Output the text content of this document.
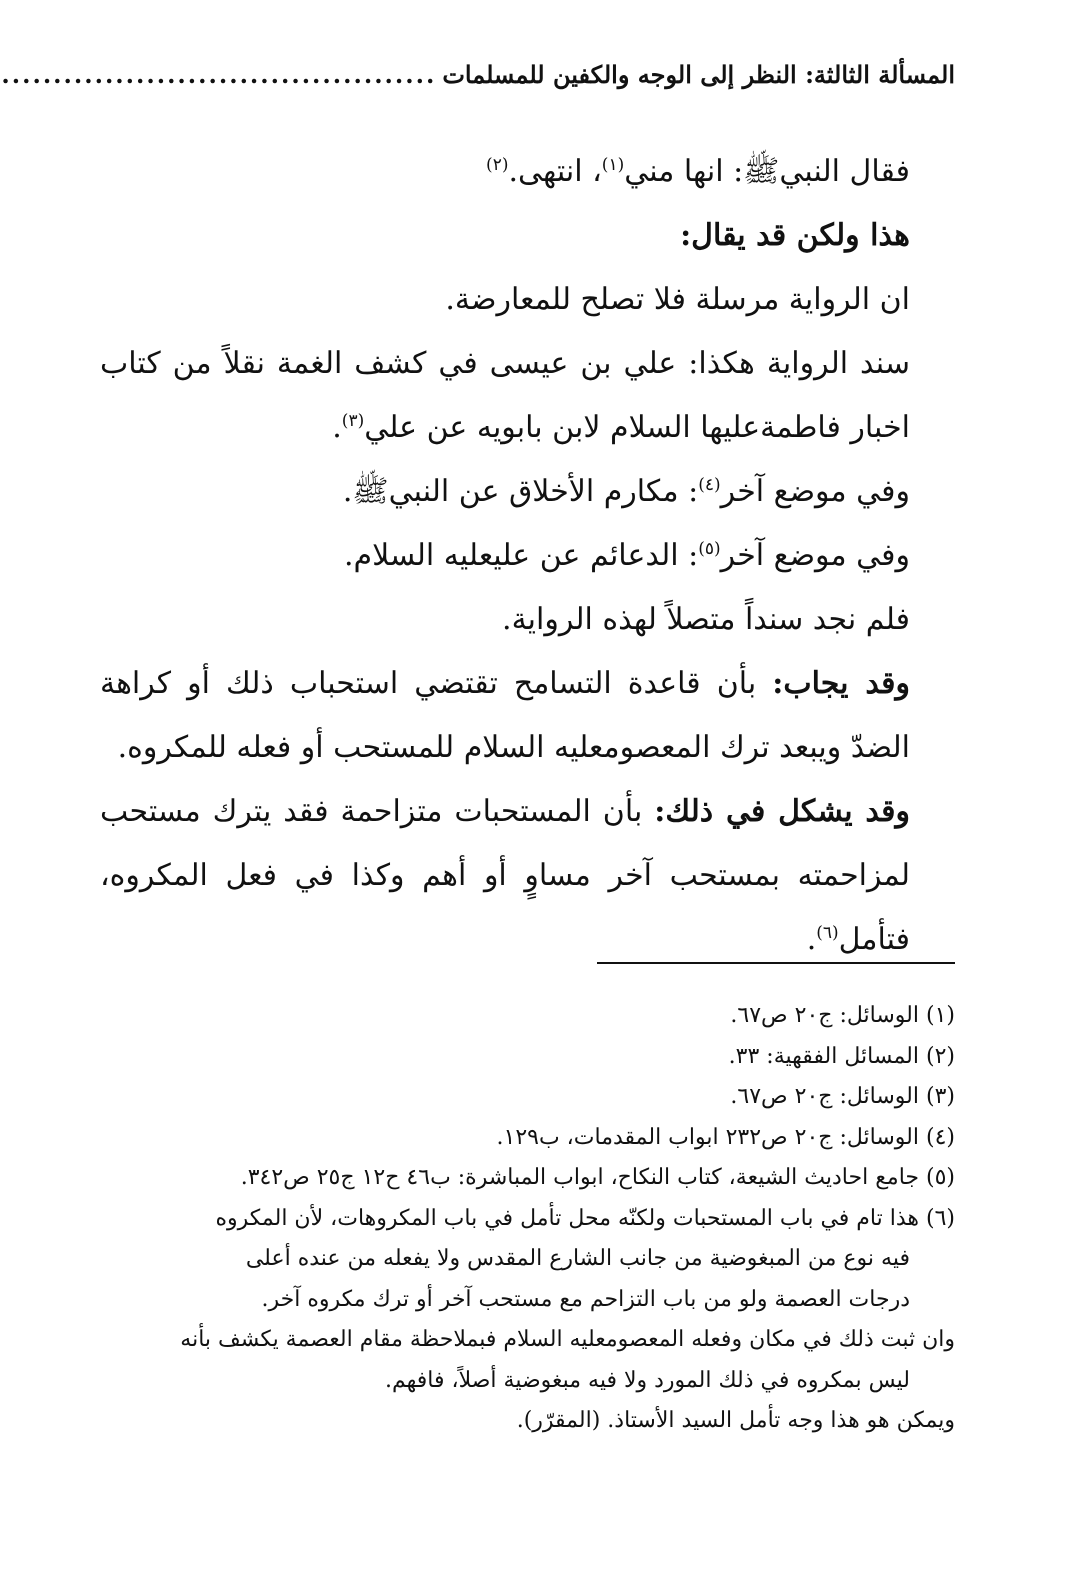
المسألة الثالثة: النظر إلى الوجه والكفين للمسلمات
..........................................

فقال النبيﷺ: انها مني$^{(١)}$، انتهى.$^{(٢)}$

هذا ولكن قد يقال:

ان الرواية مرسلة فلا تصلح للمعارضة.

سند الرواية هكذا: علي بن عيسى في كشف الغمة نقلاً من كتاب اخبار فاطمةعليها السلام لابن بابويه عن علي$^{(٣)}$.

وفي موضع آخر$^{(٤)}$: مكارم الأخلاق عن النبيﷺ.

وفي موضع آخر$^{(٥)}$: الدعائم عن عليعليه السلام.

فلم نجد سنداً متصلاً لهذه الرواية.

وقد يجاب: بأن قاعدة التسامح تقتضي استحباب ذلك أو كراهة الضدّ ويبعد ترك المعصومعليه السلام للمستحب أو فعله للمكروه.

وقد يشكل في ذلك: بأن المستحبات متزاحمة فقد يترك مستحب لمزاحمته بمستحب آخر مساوٍ أو أهم وكذا في فعل المكروه، فتأمل$^{(٦)}$.

(١) الوسائل: ج٢٠ ص٦٧.

(٢) المسائل الفقهية: ٣٣.

(٣) الوسائل: ج٢٠ ص٦٧.

(٤) الوسائل: ج٢٠ ص٢٣٢ ابواب المقدمات، ب١٢٩.

(٥) جامع احاديث الشيعة، كتاب النكاح، ابواب المباشرة: ب٤٦ ح١٢ ج٢٥ ص٣٤٢.

(٦) هذا تام في باب المستحبات ولكنّه محل تأمل في باب المكروهات، لأن المكروه

فيه نوع من المبغوضية من جانب الشارع المقدس ولا يفعله من عنده أعلى

درجات العصمة ولو من باب التزاحم مع مستحب آخر أو ترك مكروه آخر.

وان ثبت ذلك في مكان وفعله المعصومعليه السلام فبملاحظة مقام العصمة يكشف بأنه

ليس بمكروه في ذلك المورد ولا فيه مبغوضية أصلاً، فافهم.

ويمكن هو هذا وجه تأمل السيد الأستاذ. (المقرّر).
